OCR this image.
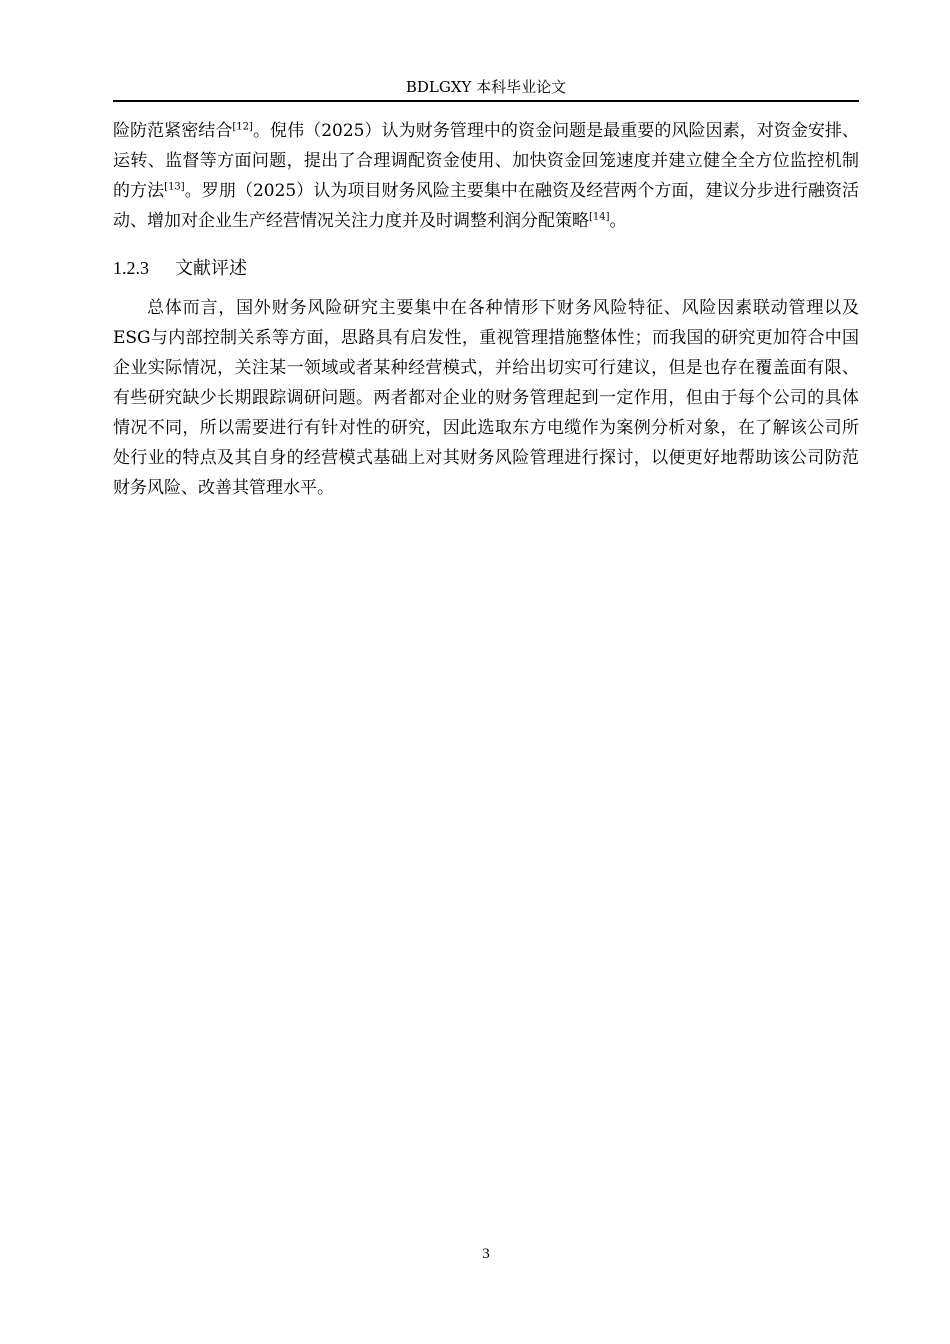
BDLGXY 本科毕业论文

险防范紧密结合[12]。倪伟（2025）认为财务管理中的资金问题是最重要的风险因素，对资金安排、运转、监督等方面问题，提出了合理调配资金使用、加快资金回笼速度并建立健全全方位监控机制的方法[13]。罗朋（2025）认为项目财务风险主要集中在融资及经营两个方面，建议分步进行融资活动、增加对企业生产经营情况关注力度并及时调整利润分配策略[14]。

1.2.3 文献评述

总体而言，国外财务风险研究主要集中在各种情形下财务风险特征、风险因素联动管理以及ESG与内部控制关系等方面，思路具有启发性，重视管理措施整体性；而我国的研究更加符合中国企业实际情况，关注某一领域或者某种经营模式，并给出切实可行建议，但是也存在覆盖面有限、有些研究缺少长期跟踪调研问题。两者都对企业的财务管理起到一定作用，但由于每个公司的具体情况不同，所以需要进行有针对性的研究，因此选取东方电缆作为案例分析对象，在了解该公司所处行业的特点及其自身的经营模式基础上对其财务风险管理进行探讨，以便更好地帮助该公司防范财务风险、改善其管理水平。

3
